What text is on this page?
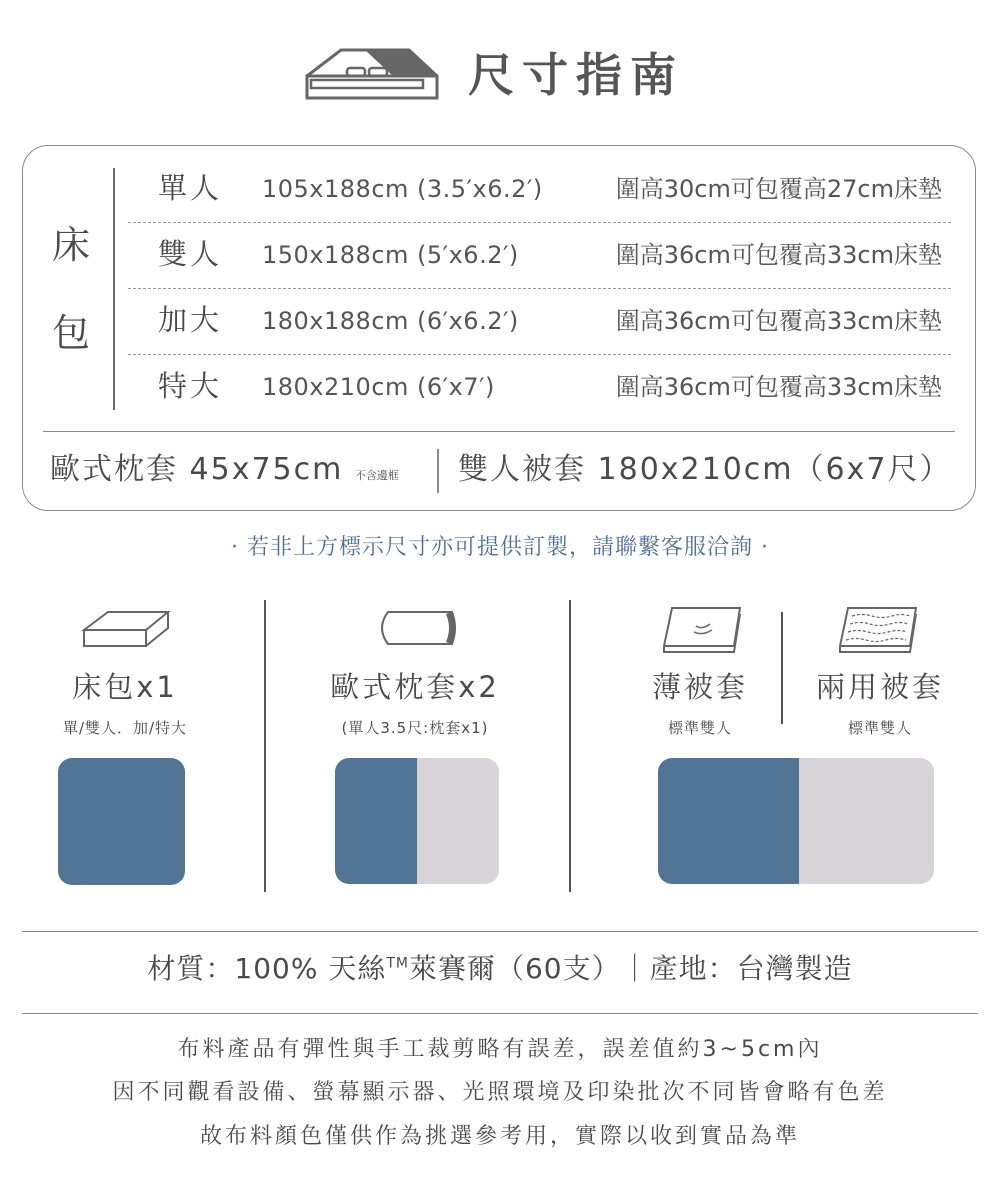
尺寸指南
床
包
單人 105x188cm (3.5′x6.2′)	圍高30cm可包覆高27cm床墊
雙人 150x188cm (5′x6.2′)	圍高36cm可包覆高33cm床墊
加大 180x188cm (6′x6.2′)	圍高36cm可包覆高33cm床墊
特大 180x210cm (6′x7′)	圍高36cm可包覆高33cm床墊
歐式枕套 45x75cm 不含邊框 雙人被套 180x210cm（6x7尺）
· 若非上方標示尺寸亦可提供訂製，請聯繫客服洽詢 ·
床包x1
單/雙人．加/特大
歐式枕套x2
(單人3.5尺:枕套x1)
薄被套
標準雙人
兩用被套
標準雙人
材質：100% 天絲™萊賽爾（60支）｜產地：台灣製造
布料產品有彈性與手工裁剪略有誤差，誤差值約3~5cm內
因不同觀看設備、螢幕顯示器、光照環境及印染批次不同皆會略有色差
故布料顏色僅供作為挑選參考用，實際以收到實品為準
